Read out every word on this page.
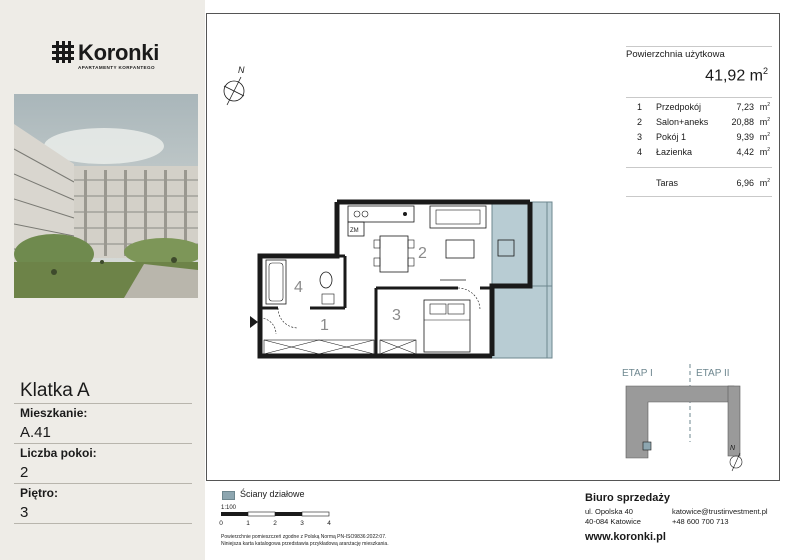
Koronki
APARTAMENTY KORFANTEGO
Klatka A
Mieszkanie:
A.41
Liczba pokoi:
2
Piętro:
3
N
ZM
1
2
3
4
Powierzchnia użytkowa
41,92 $m^2$
1 Przedpokój	7,23 $m^2$
2 Salon+aneks	20,88 $m^2$
3 Pokój 1	9,39 $m^2$
4 Łazienka	4,42 $m^2$
Taras	6,96 $m^2$
ETAP I	ETAP II
N
Ściany działowe
1:100
0	1	2	3	4
Powierzchnie pomieszczeń zgodne z Polską Normą PN-ISO9836:2022:07.
Niniejsza karta katalogowa przedstawia przykładową aranżację mieszkania.
Biuro sprzedaży
ul. Opolska 40
40-084 Katowice
katowice@trustinvestment.pl
+48 600 700 713
www.koronki.pl
